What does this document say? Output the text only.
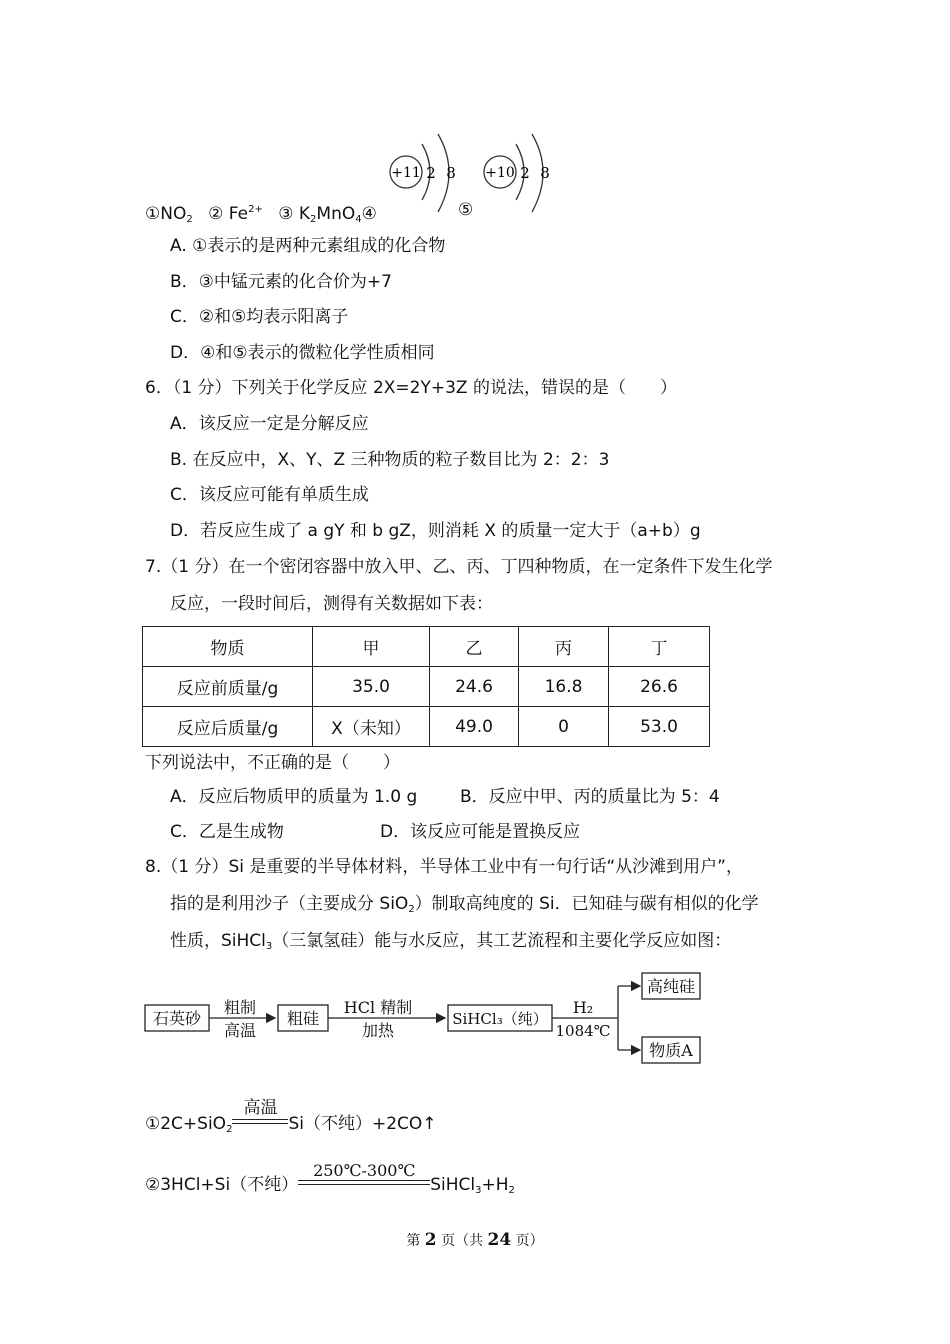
+11 2 8 +10 2 8
$①NO_2$ ② $Fe^{2+}$ ③ $K_2MnO_4④$	⑤
A. ①表示的是两种元素组成的化合物
B．③中锰元素的化合价为+7
C．②和⑤均表示阳离子
D．④和⑤表示的微粒化学性质相同
6．（1 分）下列关于化学反应 2X=2Y+3Z 的说法，错误的是（　　）
A．该反应一定是分解反应
B. 在反应中，X、Y、Z 三种物质的粒子数目比为 2：2：3
C．该反应可能有单质生成
D．若反应生成了 a gY 和 b gZ，则消耗 X 的质量一定大于（a+b）g
7.（1 分）在一个密闭容器中放入甲、乙、丙、丁四种物质，在一定条件下发生化学
反应，一段时间后，测得有关数据如下表：
物质	甲	乙	丙	丁
反应前质量/g	35.0	24.6	16.8	26.6
反应后质量/g	X（未知）	49.0	0	53.0
下列说法中，不正确的是（　　）
A．反应后物质甲的质量为 1.0 g	B．反应中甲、丙的质量比为 5：4
C．乙是生成物	D．该反应可能是置换反应
8.（1 分）Si 是重要的半导体材料，半导体工业中有一句行话“从沙滩到用户”，
指的是利用沙子（主要成分 SiO$_2$）制取高纯度的 Si．已知硅与碳有相似的化学
性质，SiHCl$_3$（三氯氢硅）能与水反应，其工艺流程和主要化学反应如图：
石英砂
粗制
高温
粗硅
HCl 精制
加热
SiHCl₃（纯）
H₂
1084℃
高纯硅
物质A
①2C+SiO$_2$
高温
Si（不纯）+2CO↑
②3HCl+Si（不纯）
250℃-300℃
$SiHCl_3+H_2$
第 2 页（共 24 页）
